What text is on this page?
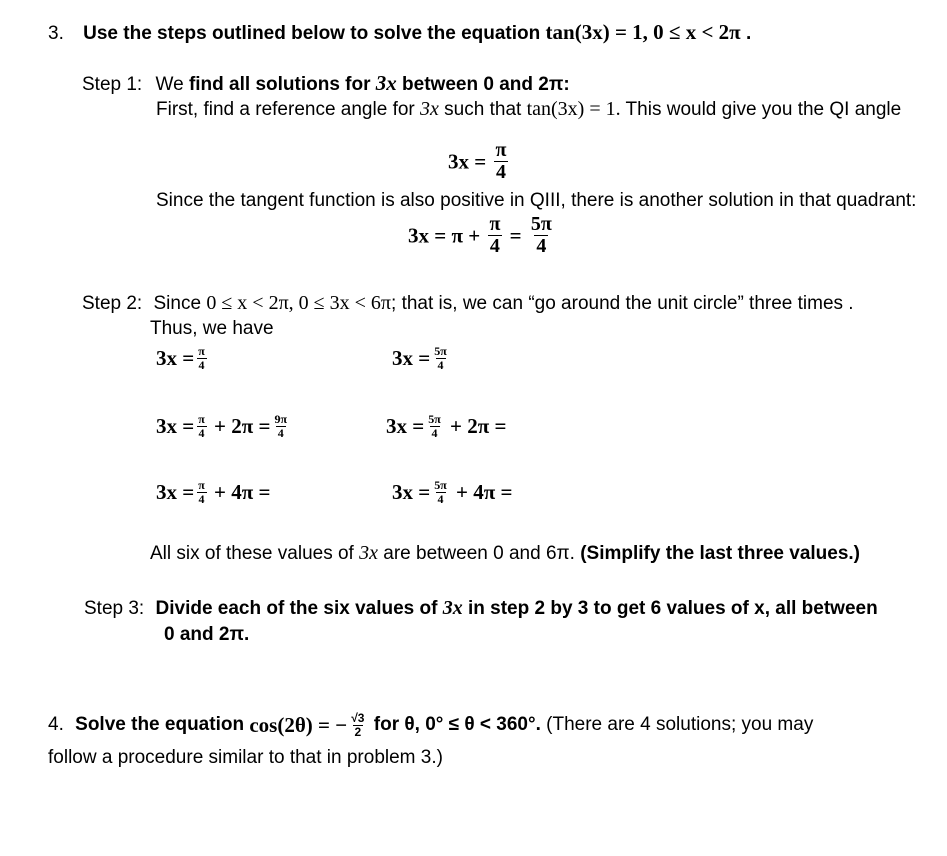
3. Use the steps outlined below to solve the equation tan(3x) = 1, 0 ≤ x < 2π .
Step 1: We find all solutions for 3x between 0 and 2π:
First, find a reference angle for 3x such that tan(3x) = 1. This would give you the QI angle
$3x = \frac{\pi}{4}$
Since the tangent function is also positive in QIII, there is another solution in that quadrant:
$3x = \pi + \frac{\pi}{4} = \frac{5\pi}{4}$
Step 2: Since 0 ≤ x < 2π, 0 ≤ 3x < 6π; that is, we can “go around the unit circle” three times .
Thus, we have
$3x = \frac{\pi}{4}$	$3x = \frac{5\pi}{4}$
$3x = \frac{\pi}{4} + 2\pi = \frac{9\pi}{4}$	$3x = \frac{5\pi}{4} + 2\pi$ =
$3x = \frac{\pi}{4} + 4\pi$ =	$3x = \frac{5\pi}{4} + 4\pi$ =
All six of these values of 3x are between 0 and 6π. (Simplify the last three values.)
Step 3: Divide each of the six values of 3x in step 2 by 3 to get 6 values of x, all between
0 and 2π.
4. Solve the equation cos(2θ) = − $\frac{√3}{2}$ for θ, 0° ≤ θ < 360°. (There are 4 solutions; you may
follow a procedure similar to that in problem 3.)
